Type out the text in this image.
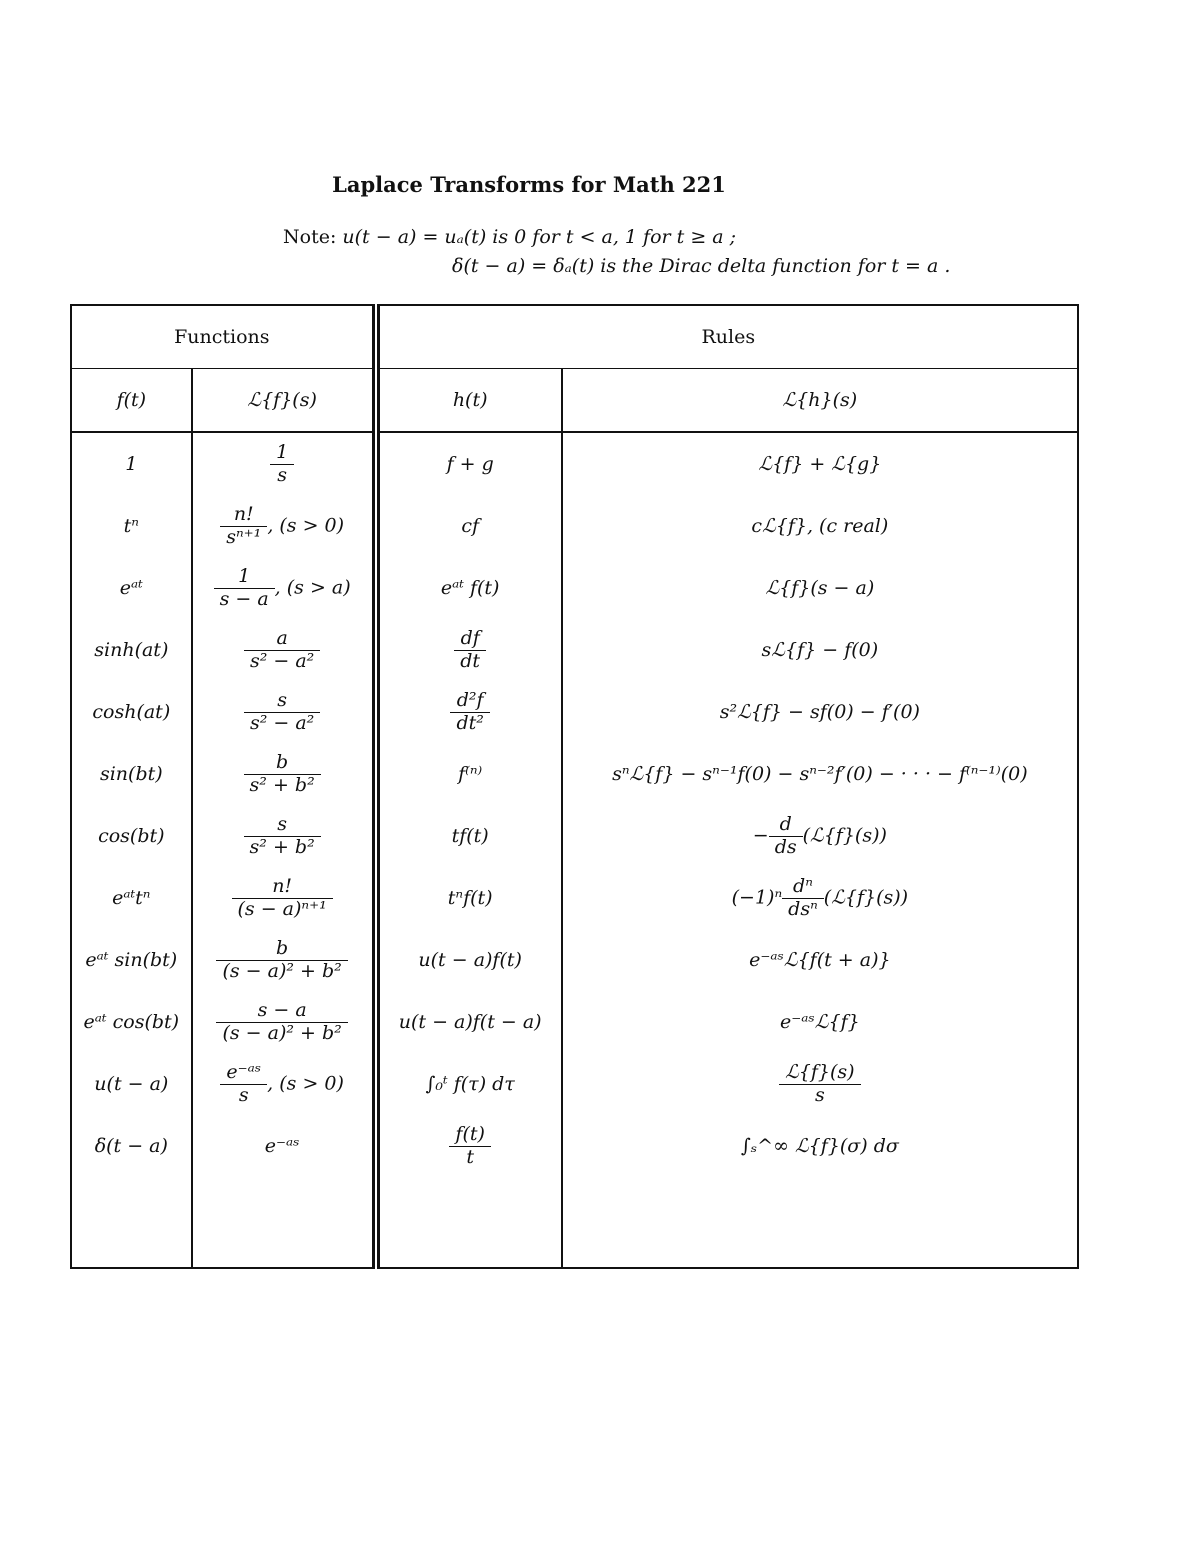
Laplace Transforms for Math 221
Note: u(t − a) = uₐ(t) is 0 for t < a, 1 for t ≥ a ;
δ(t − a) = δₐ(t) is the Dirac delta function for t = a .
Functions		Rules	
f(t)	ℒ{f}(s)	h(t)	ℒ{h}(s)
1	$\frac{1}{s}$	f + g	ℒ{f} + ℒ{g}
tⁿ	$\frac{n!}{\text{sⁿ⁺¹}}$ , (s > 0)	cf	cℒ{f}, (c real)
eᵃᵗ	$\frac{1}{s - a}$ , (s > a)	eᵃᵗ f(t)	ℒ{f}(s − a)
sinh(at)	$\frac{a}{\text{s² − a²}}$	$\frac{df}{dt}$	sℒ{f} − f(0)
cosh(at)	$\frac{s}{\text{s² − a²}}$	$\frac{\text{d²f}}{\text{dt²}}$	s²ℒ{f} − sf(0) − f′(0)
sin(bt)	$\frac{b}{\text{s² + b²}}$	f⁽ⁿ⁾	sⁿℒ{f} − sⁿ⁻¹f(0) − sⁿ⁻²f′(0) − · · · − f⁽ⁿ⁻¹⁾(0)
cos(bt)	$\frac{s}{\text{s² + b²}}$	tf(t)	− $\frac{d}{ds}$ (ℒ{f}(s))
eᵃᵗtⁿ	$\frac{n!}{\text{(s − a)ⁿ⁺¹}}$	tⁿf(t)	$(-1)^n \frac{\text{dⁿ}}{\text{dsⁿ}}$ (ℒ{f}(s))
eᵃᵗ sin(bt)	$\frac{b}{\text{(s − a)² + b²}}$	u(t − a)f(t)	e⁻ᵃˢℒ{f(t + a)}
eᵃᵗ cos(bt)	$\frac{s - a}{\text{(s − a)² + b²}}$	u(t − a)f(t − a)	e⁻ᵃˢℒ{f}
u(t − a)	$\frac{\text{e⁻ᵃˢ}}{s}$ , (s > 0)	∫₀ᵗ f(τ) dτ	$\frac{\text{ℒ\{f\}(s)}}{s}$

δ(t − a)	e⁻ᵃˢ	$\frac{f(t)}{t}$	∫ₛ^∞ ℒ{f}(σ) dσ
